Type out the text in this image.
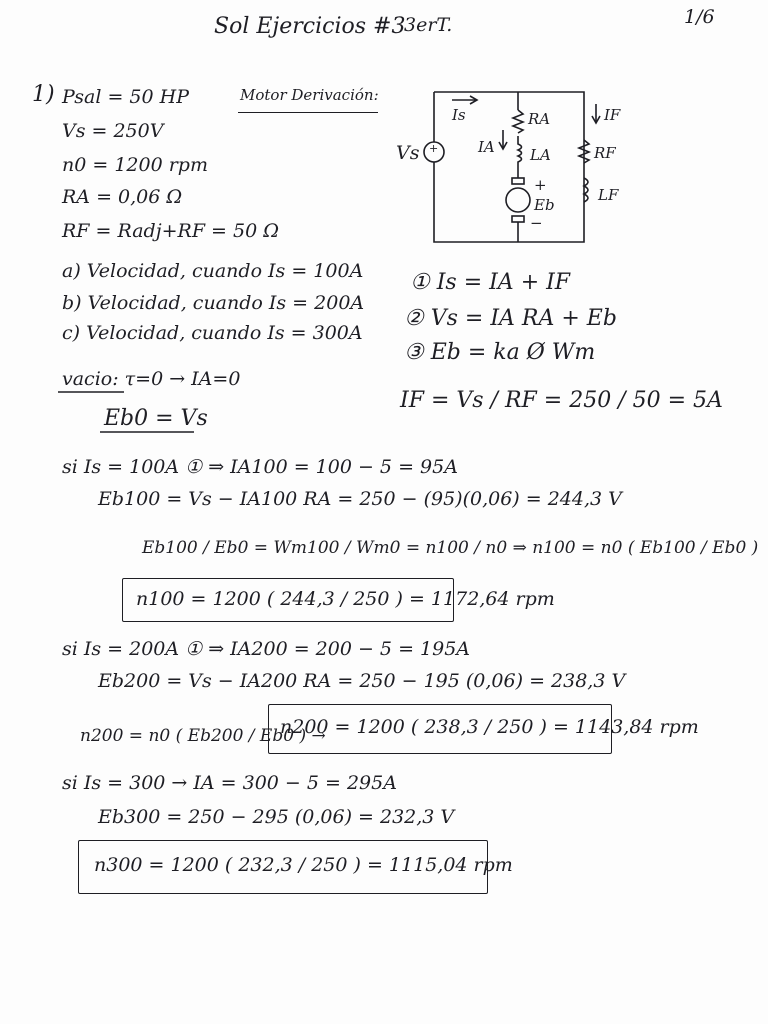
Sol Ejercicios #3
3erT.	1/6
1) Psal = 50 HP
Vs = 250V
n0 = 1200 rpm
RA = 0,06 Ω
RF = Radj+RF = 50 Ω
a) Velocidad, cuando Is = 100A
b) Velocidad, cuando Is = 200A
c) Velocidad, cuando Is = 300A
Motor Derivación:
Vs +
Is
IA
RA
LA
Eb
+
−
IF
RF
LF
① Is = IA + IF
② Vs = IA RA + Eb
③ Eb = ka Ø Wm
IF = Vs / RF = 250 / 50 = 5A
vacio: τ=0 → IA=0
Eb0 = Vs
si Is = 100A ① ⇒ IA100 = 100 − 5 = 95A
Eb100 = Vs − IA100 RA = 250 − (95)(0,06) = 244,3 V
Eb100 / Eb0 = Wm100 / Wm0 = n100 / n0 ⇒ n100 = n0 ( Eb100 / Eb0 )
n100 = 1200 ( 244,3 / 250 ) = 1172,64 rpm
si Is = 200A ① ⇒ IA200 = 200 − 5 = 195A
Eb200 = Vs − IA200 RA = 250 − 195 (0,06) = 238,3 V
n200 = n0 ( Eb200 / Eb0 ) →
n200 = 1200 ( 238,3 / 250 ) = 1143,84 rpm
si Is = 300 → IA = 300 − 5 = 295A
Eb300 = 250 − 295 (0,06) = 232,3 V
n300 = 1200 ( 232,3 / 250 ) = 1115,04 rpm
